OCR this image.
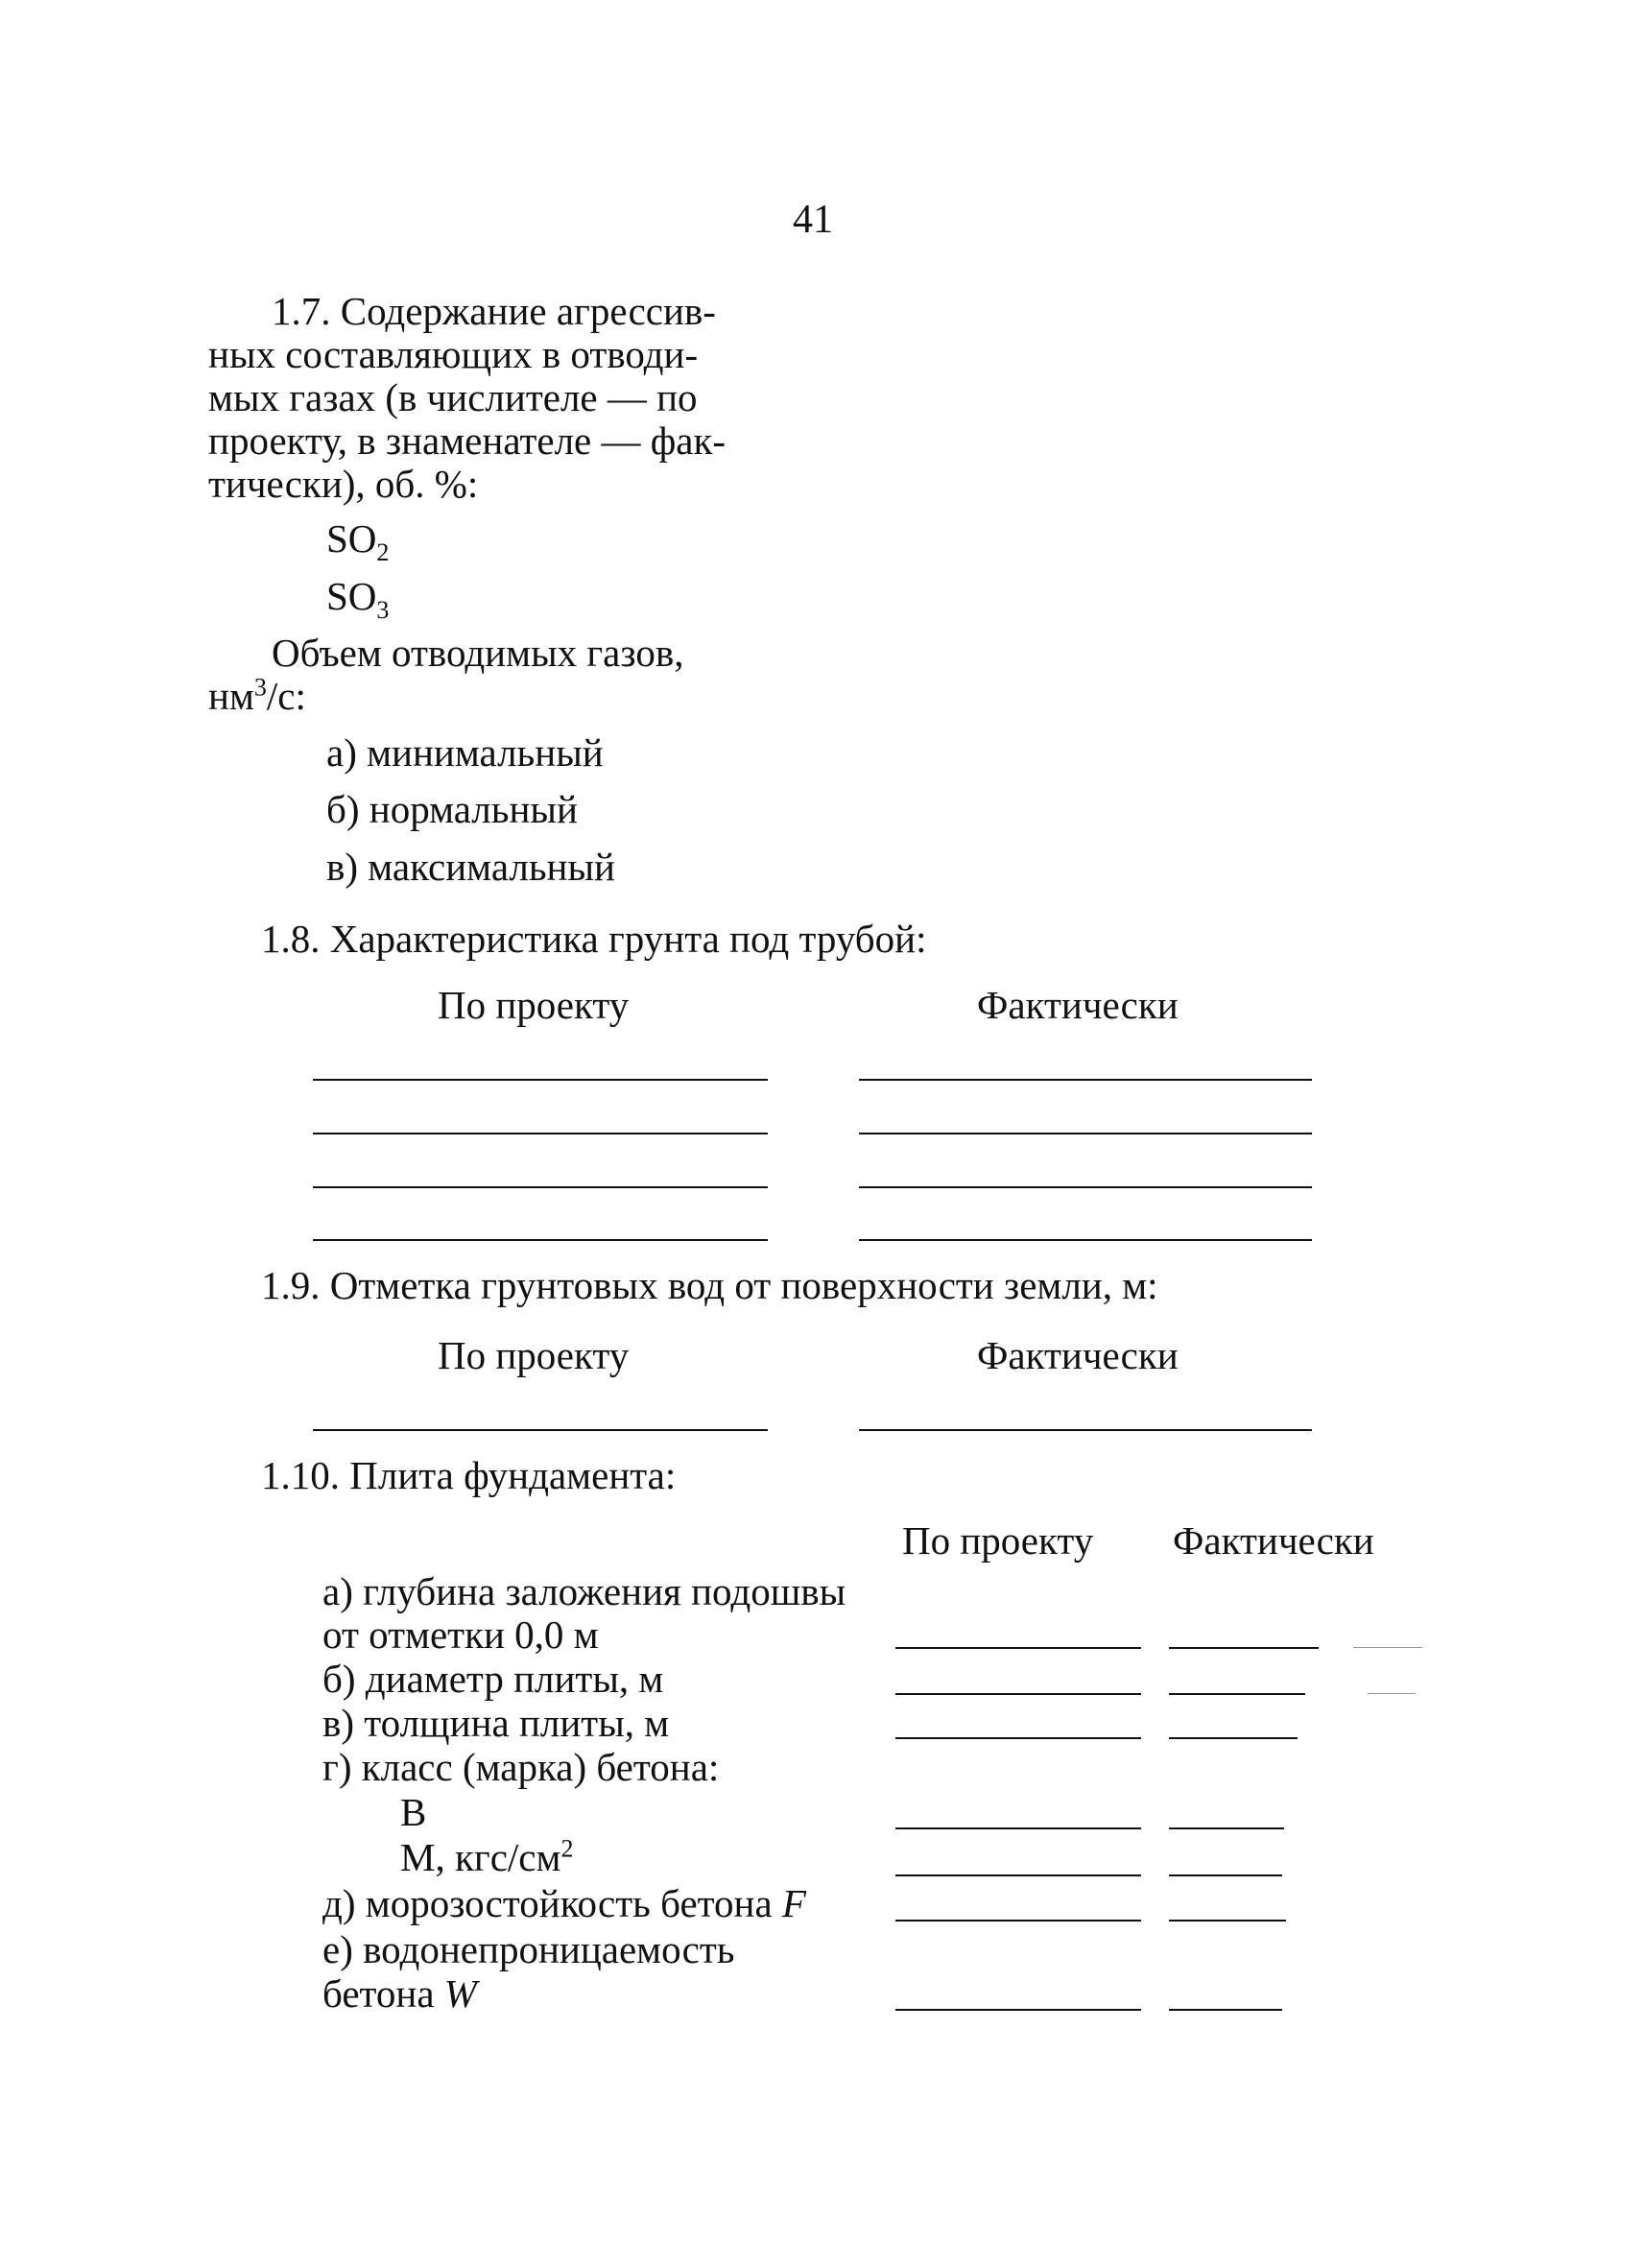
41
1.7. Содержание агрессив-
ных составляющих в отводи-
мых газах (в числителе — по
проекту, в знаменателе — фак-
тически), об. %:
$SO_2$
$SO_3$
Объем отводимых газов,
$нм^3/с$:
а) минимальный
б) нормальный
в) максимальный
1.8. Характеристика грунта под трубой:
По проекту	Фактически
1.9. Отметка грунтовых вод от поверхности земли, м:
По проекту	Фактически
1.10. Плита фундамента:
По проекту Фактически
а) глубина заложения подошвы
от отметки 0,0 м
б) диаметр плиты, м
в) толщина плиты, м
г) класс (марка) бетона:
В
М, кгс/$см^2$
д) морозостойкость бетона F
е) водонепроницаемость
бетона W
